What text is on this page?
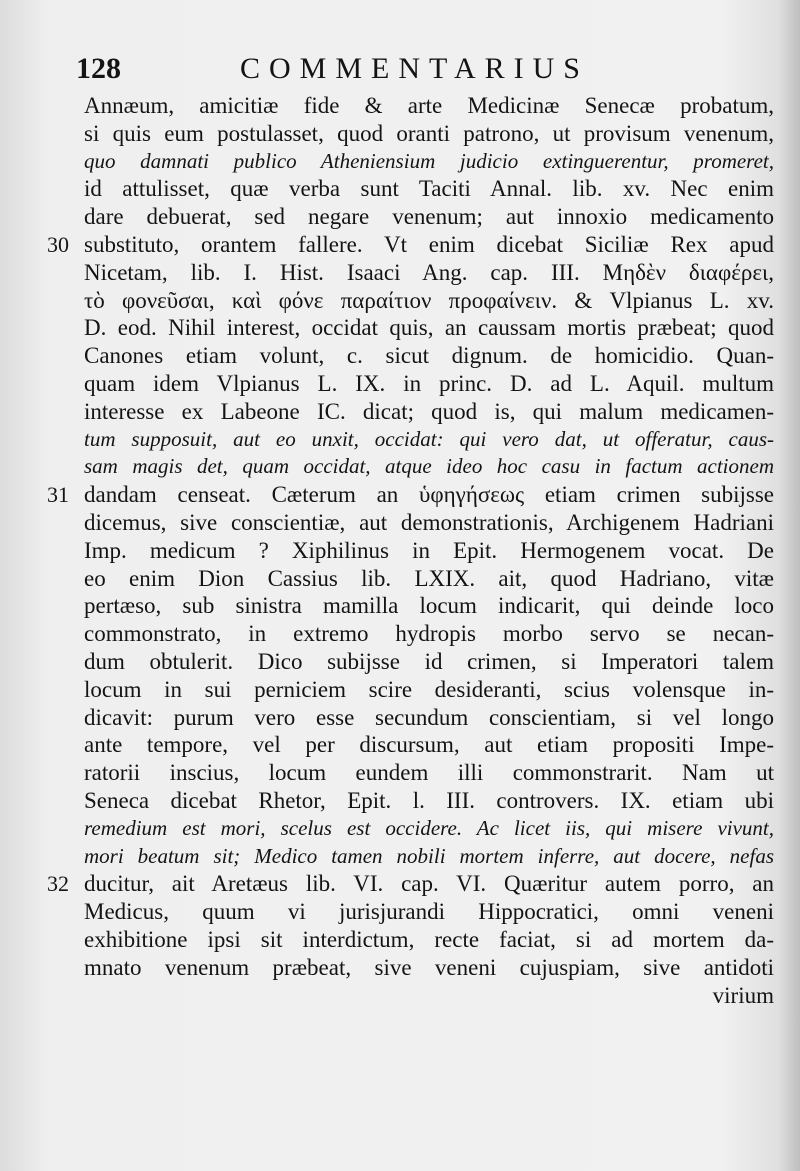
128	COMMENTARIUS
Annæum, amicitiæ fide & arte Medicinæ Senecæ probatum,
si quis eum postulasset, quod oranti patrono, ut provisum venenum,
quo damnati publico Atheniensium judicio extinguerentur, promeret,
id attulisset, quæ verba sunt Taciti Annal. lib. xv. Nec enim
dare debuerat, sed negare venenum; aut innoxio medicamento
30 substituto, orantem fallere. Vt enim dicebat Siciliæ Rex apud
Nicetam, lib. I. Hist. Isaaci Ang. cap. III. Μηδὲν διαφέρει,
τὸ φονεῦσαι, καὶ φόνε παραίτιον προφαίνειν. & Vlpianus L. xv.
D. eod. Nihil interest, occidat quis, an caussam mortis præbeat; quod
Canones etiam volunt, c. sicut dignum. de homicidio. Quan-
quam idem Vlpianus L. IX. in princ. D. ad L. Aquil. multum
interesse ex Labeone IC. dicat; quod is, qui malum medicamen-
tum supposuit, aut eo unxit, occidat: qui vero dat, ut offeratur, caus-
sam magis det, quam occidat, atque ideo hoc casu in factum actionem
31 dandam censeat. Cæterum an ὑφηγήσεως etiam crimen subijsse
dicemus, sive conscientiæ, aut demonstrationis, Archigenem Hadriani
Imp. medicum ? Xiphilinus in Epit. Hermogenem vocat. De
eo enim Dion Cassius lib. LXIX. ait, quod Hadriano, vitæ
pertæso, sub sinistra mamilla locum indicarit, qui deinde loco
commonstrato, in extremo hydropis morbo servo se necan-
dum obtulerit. Dico subijsse id crimen, si Imperatori talem
locum in sui perniciem scire desideranti, scius volensque in-
dicavit: purum vero esse secundum conscientiam, si vel longo
ante tempore, vel per discursum, aut etiam propositi Impe-
ratorii inscius, locum eundem illi commonstrarit. Nam ut
Seneca dicebat Rhetor, Epit. l. III. controvers. IX. etiam ubi
remedium est mori, scelus est occidere. Ac licet iis, qui misere vivunt,
mori beatum sit; Medico tamen nobili mortem inferre, aut docere, nefas
32 ducitur, ait Aretæus lib. VI. cap. VI. Quæritur autem porro, an
Medicus, quum vi jurisjurandi Hippocratici, omni veneni
exhibitione ipsi sit interdictum, recte faciat, si ad mortem da-
mnato venenum præbeat, sive veneni cujuspiam, sive antidoti
virium
